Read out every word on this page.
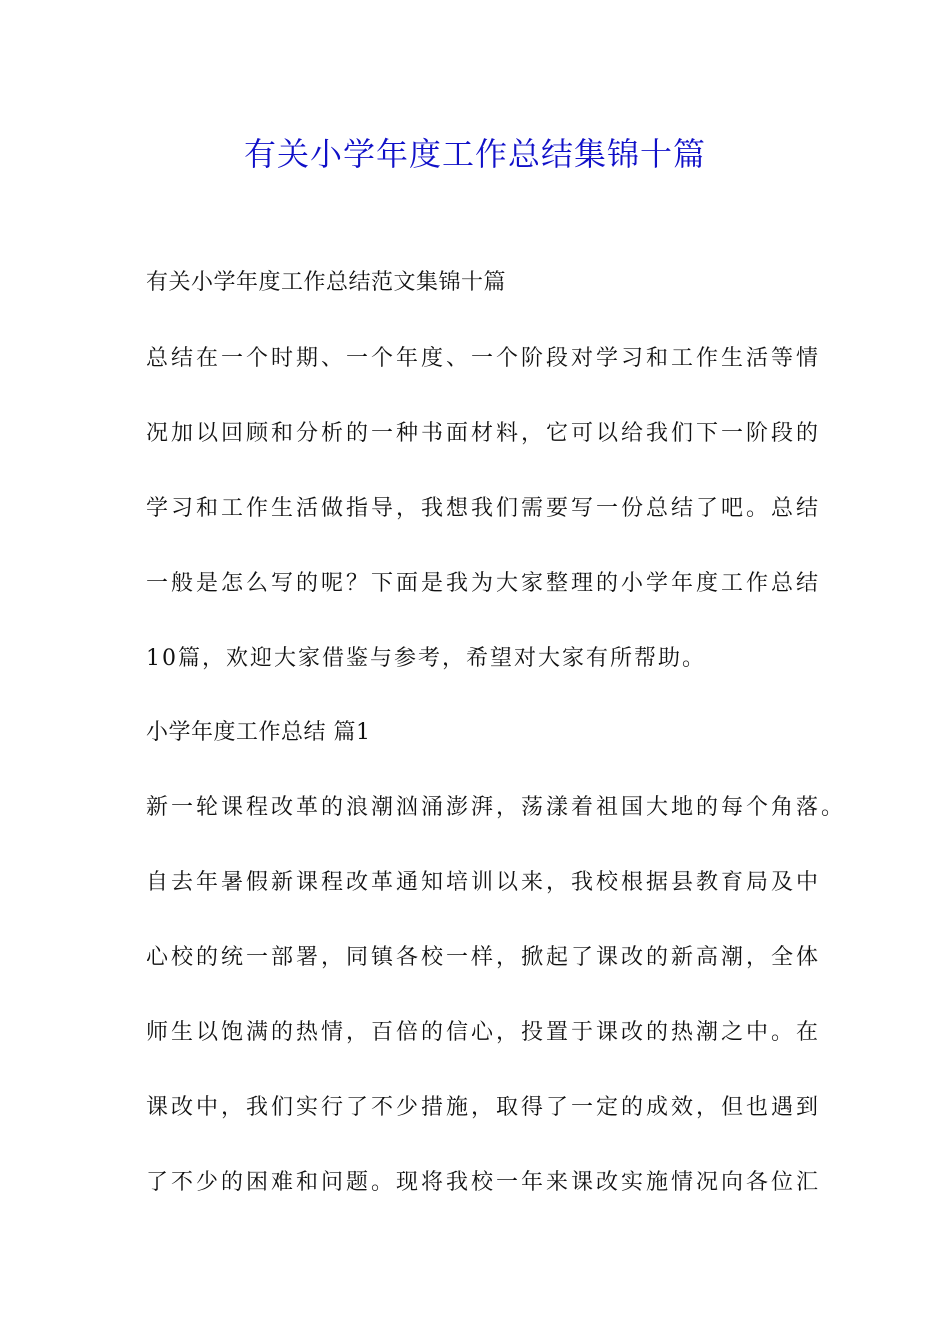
有关小学年度工作总结集锦十篇
有关小学年度工作总结范文集锦十篇
总结在一个时期、一个年度、一个阶段对学习和工作生活等情
况加以回顾和分析的一种书面材料，它可以给我们下一阶段的
学习和工作生活做指导，我想我们需要写一份总结了吧。总结
一般是怎么写的呢？下面是我为大家整理的小学年度工作总结
10篇，欢迎大家借鉴与参考，希望对大家有所帮助。
小学年度工作总结 篇1
新一轮课程改革的浪潮汹涌澎湃，荡漾着祖国大地的每个角落。
自去年暑假新课程改革通知培训以来，我校根据县教育局及中
心校的统一部署，同镇各校一样，掀起了课改的新高潮，全体
师生以饱满的热情，百倍的信心，投置于课改的热潮之中。在
课改中，我们实行了不少措施，取得了一定的成效，但也遇到
了不少的困难和问题。现将我校一年来课改实施情况向各位汇
